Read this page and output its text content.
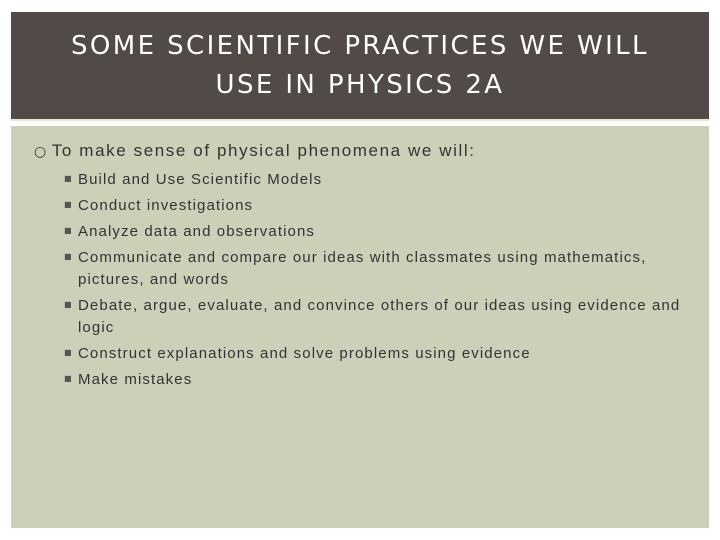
SOME SCIENTIFIC PRACTICES WE WILL
USE IN PHYSICS 2A
○ To make sense of physical phenomena we will:
■ Build and Use Scientific Models
■ Conduct investigations
■ Analyze data and observations
■ Communicate and compare our ideas with classmates using mathematics, pictures, and words
■ Debate, argue, evaluate, and convince others of our ideas using evidence and logic
■ Construct explanations and solve problems using evidence
■ Make mistakes
